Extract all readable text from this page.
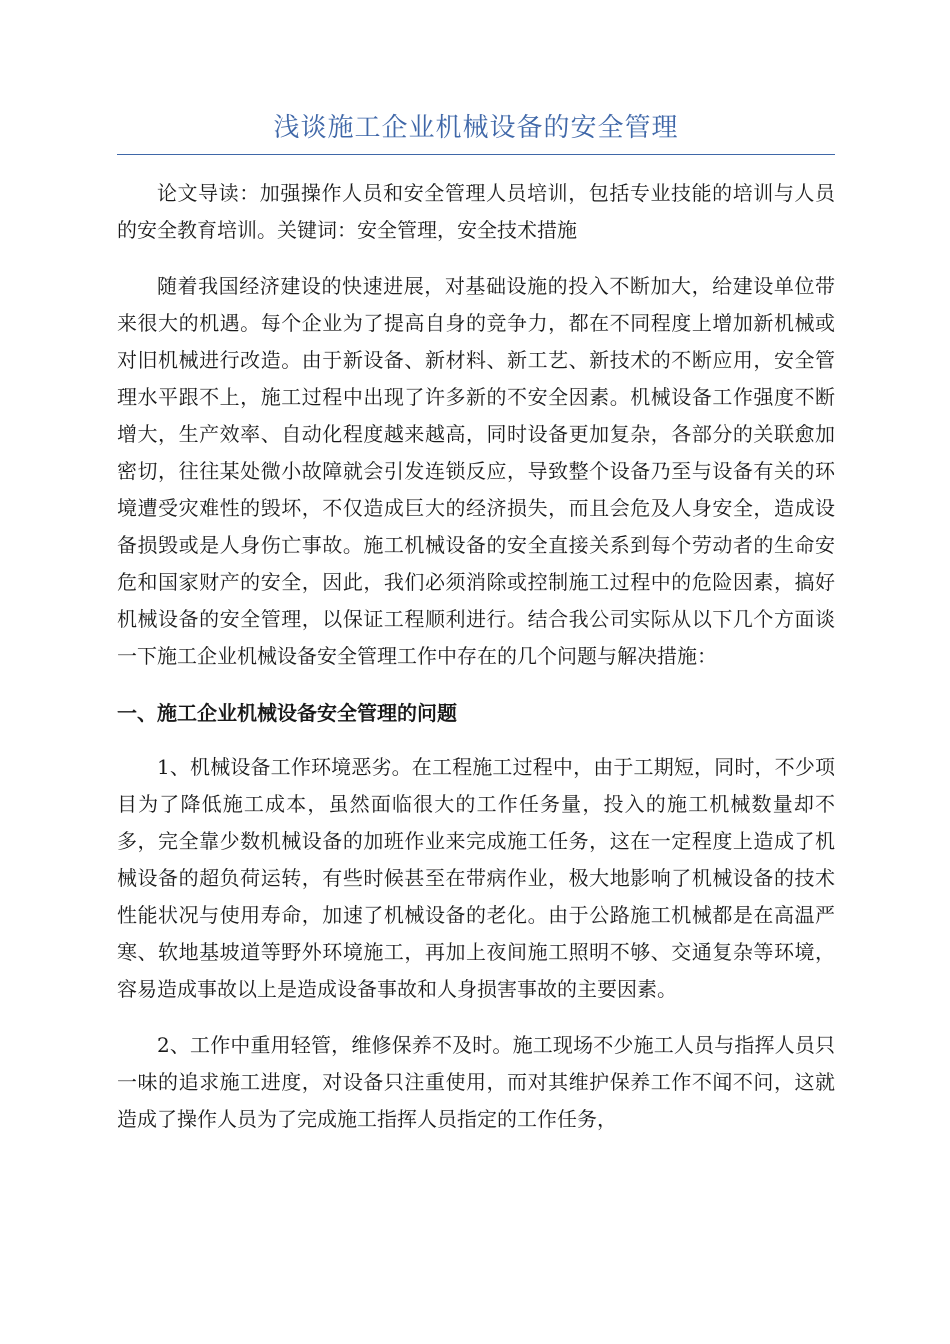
浅谈施工企业机械设备的安全管理

论文导读：加强操作人员和安全管理人员培训，包括专业技能的培训与人员的安全教育培训。关键词：安全管理，安全技术措施

随着我国经济建设的快速进展，对基础设施的投入不断加大，给建设单位带来很大的机遇。每个企业为了提高自身的竞争力，都在不同程度上增加新机械或对旧机械进行改造。由于新设备、新材料、新工艺、新技术的不断应用，安全管理水平跟不上，施工过程中出现了许多新的不安全因素。机械设备工作强度不断增大，生产效率、自动化程度越来越高，同时设备更加复杂，各部分的关联愈加密切，往往某处微小故障就会引发连锁反应，导致整个设备乃至与设备有关的环境遭受灾难性的毁坏，不仅造成巨大的经济损失，而且会危及人身安全，造成设备损毁或是人身伤亡事故。施工机械设备的安全直接关系到每个劳动者的生命安危和国家财产的安全，因此，我们必须消除或控制施工过程中的危险因素，搞好机械设备的安全管理，以保证工程顺利进行。结合我公司实际从以下几个方面谈一下施工企业机械设备安全管理工作中存在的几个问题与解决措施：

一、施工企业机械设备安全管理的问题

1、机械设备工作环境恶劣。在工程施工过程中，由于工期短，同时，不少项目为了降低施工成本，虽然面临很大的工作任务量，投入的施工机械数量却不多，完全靠少数机械设备的加班作业来完成施工任务，这在一定程度上造成了机械设备的超负荷运转，有些时候甚至在带病作业，极大地影响了机械设备的技术性能状况与使用寿命，加速了机械设备的老化。由于公路施工机械都是在高温严寒、软地基坡道等野外环境施工，再加上夜间施工照明不够、交通复杂等环境，容易造成事故以上是造成设备事故和人身损害事故的主要因素。

2、工作中重用轻管，维修保养不及时。施工现场不少施工人员与指挥人员只一味的追求施工进度，对设备只注重使用，而对其维护保养工作不闻不问，这就造成了操作人员为了完成施工指挥人员指定的工作任务，
